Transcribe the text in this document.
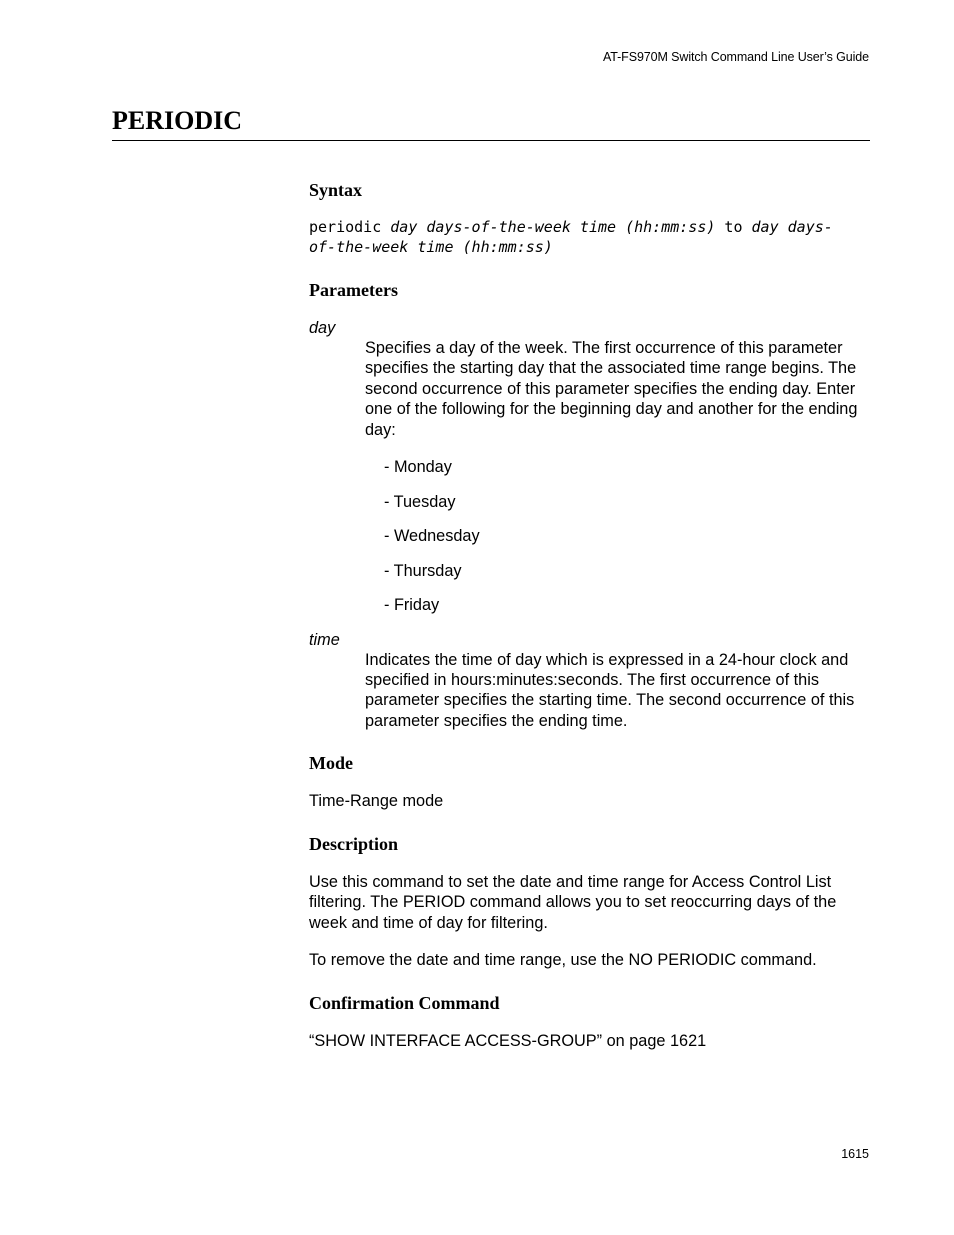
AT-FS970M Switch Command Line User’s Guide
PERIODIC
Syntax
periodic day days-of-the-week time (hh:mm:ss) to day days-
of-the-week time (hh:mm:ss)
Parameters

day

Specifies a day of the week. The first occurrence of this parameter specifies the starting day that the associated time range begins. The second occurrence of this parameter specifies the ending day. Enter one of the following for the beginning day and another for the ending day:

- Monday
- Tuesday
- Wednesday
- Thursday
- Friday

time

Indicates the time of day which is expressed in a 24-hour clock and specified in hours:minutes:seconds. The first occurrence of this parameter specifies the starting time. The second occurrence of this parameter specifies the ending time.

Mode

Time-Range mode

Description

Use this command to set the date and time range for Access Control List filtering. The PERIOD command allows you to set reoccurring days of the week and time of day for filtering.

To remove the date and time range, use the NO PERIODIC command.

Confirmation Command

“SHOW INTERFACE ACCESS-GROUP” on page 1621

1615
